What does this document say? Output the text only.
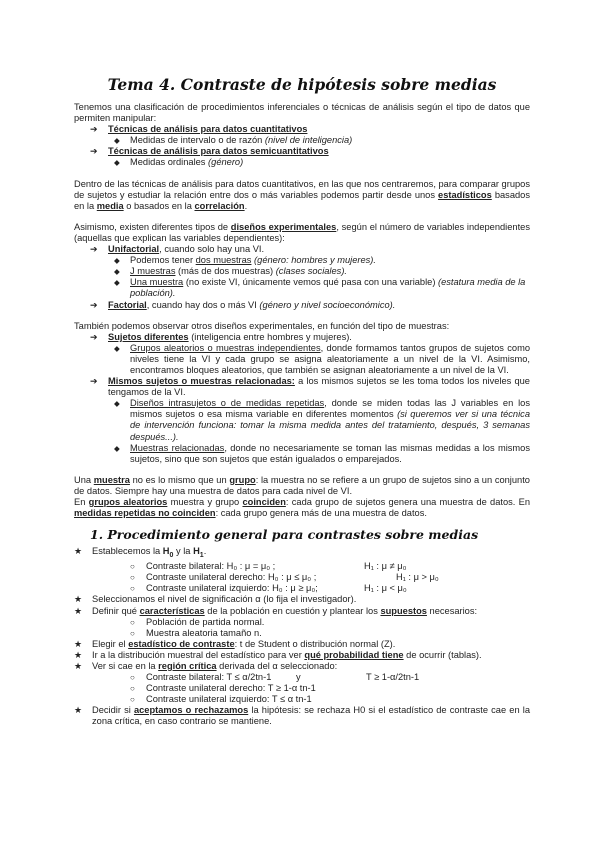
Tema 4. Contraste de hipótesis sobre medias

Tenemos una clasificación de procedimientos inferenciales o técnicas de análisis según el tipo de datos que permiten manipular:

➔ Técnicas de análisis para datos cuantitativos
◆ Medidas de intervalo o de razón (nivel de inteligencia)
➔ Técnicas de análisis para datos semicuantitativos
◆ Medidas ordinales (género)

Dentro de las técnicas de análisis para datos cuantitativos, en las que nos centraremos, para comparar grupos de sujetos y estudiar la relación entre dos o más variables podemos partir desde unos estadísticos basados en la media o basados en la correlación.

Asimismo, existen diferentes tipos de diseños experimentales, según el número de variables independientes (aquellas que explican las variables dependientes):

➔ Unifactorial, cuando solo hay una VI.
◆ Podemos tener dos muestras (género: hombres y mujeres).
◆ J muestras (más de dos muestras) (clases sociales).
◆ Una muestra (no existe VI, únicamente vemos qué pasa con una variable) (estatura media de la población).
➔ Factorial, cuando hay dos o más VI (género y nivel socioeconómico).

También podemos observar otros diseños experimentales, en función del tipo de muestras:

➔ Sujetos diferentes (inteligencia entre hombres y mujeres).
◆ Grupos aleatorios o muestras independientes, donde formamos tantos grupos de sujetos como niveles tiene la VI y cada grupo se asigna aleatoriamente a un nivel de la VI. Asimismo, encontramos bloques aleatorios, que también se asignan aleatoriamente a un nivel de la VI.

➔ Mismos sujetos o muestras relacionadas: a los mismos sujetos se les toma todos los niveles que tengamos de la VI.

◆ Diseños intrasujetos o de medidas repetidas, donde se miden todas las J variables en los mismos sujetos o esa misma variable en diferentes momentos (si queremos ver si una técnica de intervención funciona: tomar la misma medida antes del tratamiento, después, 3 semanas después...).

◆ Muestras relacionadas, donde no necesariamente se toman las mismas medidas a los mismos sujetos, sino que son sujetos que están igualados o emparejados.

Una muestra no es lo mismo que un grupo: la muestra no se refiere a un grupo de sujetos sino a un conjunto de datos. Siempre hay una muestra de datos para cada nivel de VI.

En grupos aleatorios muestra y grupo coinciden: cada grupo de sujetos genera una muestra de datos. En medidas repetidas no coinciden: cada grupo genera más de una muestra de datos.

1. Procedimiento general para contrastes sobre medias
★ Establecemos la $H_0$ y la $H_1$.
○ Contraste bilateral: H₀ : μ = μ₀ ;	H₁ : μ ≠ μ₀
○ Contraste unilateral derecho: H₀ : μ ≤ μ₀ ;	H₁ : μ > μ₀
○ Contraste unilateral izquierdo: H₀ : μ ≥ μ₀;	H₁ : μ < μ₀
★ Seleccionamos el nivel de significación α (lo fija el investigador).
★ Definir qué características de la población en cuestión y plantear los supuestos necesarios:
○ Población de partida normal.
○ Muestra aleatoria tamaño n.
★ Elegir el estadístico de contraste: t de Student o distribución normal (Z).
★ Ir a la distribución muestral del estadístico para ver qué probabilidad tiene de ocurrir (tablas).
★ Ver si cae en la región crítica derivada del α seleccionado:
○ Contraste bilateral: T ≤ α/2tn-1	y	T ≥ 1-α/2tn-1
○ Contraste unilateral derecho: T ≥ 1-α tn-1
○ Contraste unilateral izquierdo: T ≤ α tn-1
★ Decidir si aceptamos o rechazamos la hipótesis: se rechaza H0 si el estadístico de contraste cae en la zona crítica, en caso contrario se mantiene.
